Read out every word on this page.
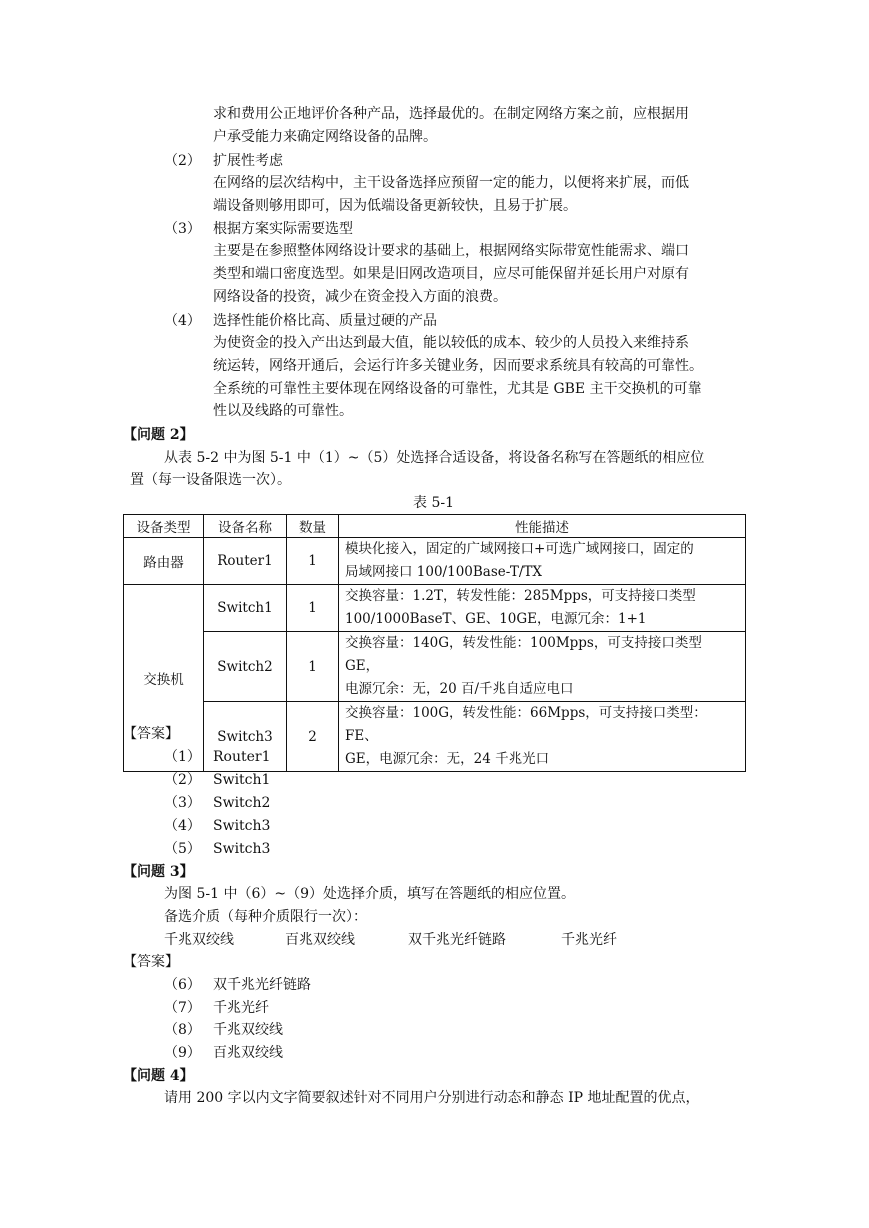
求和费用公正地评价各种产品，选择最优的。在制定网络方案之前，应根据用
户承受能力来确定网络设备的品牌。
（2） 扩展性考虑
在网络的层次结构中，主干设备选择应预留一定的能力，以便将来扩展，而低
端设备则够用即可，因为低端设备更新较快，且易于扩展。
（3） 根据方案实际需要选型
主要是在参照整体网络设计要求的基础上，根据网络实际带宽性能需求、端口
类型和端口密度选型。如果是旧网改造项目，应尽可能保留并延长用户对原有
网络设备的投资，减少在资金投入方面的浪费。
（4） 选择性能价格比高、质量过硬的产品
为使资金的投入产出达到最大值，能以较低的成本、较少的人员投入来维持系
统运转，网络开通后，会运行许多关键业务，因而要求系统具有较高的可靠性。
全系统的可靠性主要体现在网络设备的可靠性，尤其是 GBE 主干交换机的可靠
性以及线路的可靠性。
【问题 2】
从表 5-2 中为图 5-1 中（1）~（5）处选择合适设备，将设备名称写在答题纸的相应位
置（每一设备限选一次）。
表 5-1
设备类型	设备名称	数量	性能描述
路由器	Router1	1	模块化接入，固定的广域网接口+可选广域网接口，固定的
局域网接口 100/100Base-T/TX

交换机	Switch1	1	交换容量：1.2T，转发性能：285Mpps，可支持接口类型
100/1000BaseT、GE、10GE，电源冗余：1+1

	Switch2	1	交换容量：140G，转发性能：100Mpps，可支持接口类型 GE，
电源冗余：无，20 百/千兆自适应电口

	Switch3	2	交换容量：100G，转发性能：66Mpps，可支持接口类型：FE、
GE，电源冗余：无，24 千兆光口
【答案】
（1） Router1
（2） Switch1
（3） Switch2
（4） Switch3
（5） Switch3
【问题 3】
为图 5-1 中（6）~（9）处选择介质，填写在答题纸的相应位置。
备选介质（每种介质限行一次）：
千兆双绞线	百兆双绞线	双千兆光纤链路	千兆光纤
【答案】
（6） 双千兆光纤链路
（7） 千兆光纤
（8） 千兆双绞线
（9） 百兆双绞线
【问题 4】
请用 200 字以内文字简要叙述针对不同用户分别进行动态和静态 IP 地址配置的优点，
